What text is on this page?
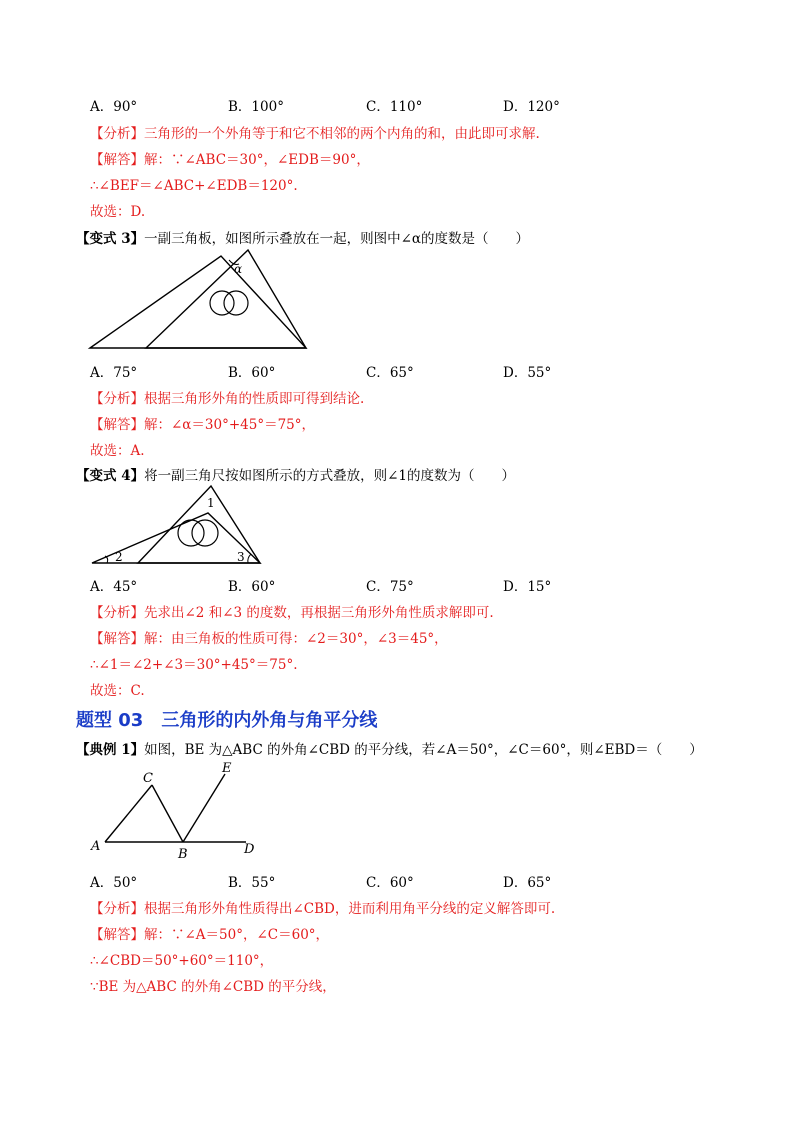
A．90°	B．100°	C．110°	D．120°
【分析】三角形的一个外角等于和它不相邻的两个内角的和，由此即可求解.
【解答】解：∵∠ABC＝30°，∠EDB＝90°，
∴∠BEF＝∠ABC+∠EDB＝120°.
故选：D.
【变式 3】一副三角板，如图所示叠放在一起，则图中∠α的度数是（　　）
α
A．75°	B．60°	C．65°	D．55°
【分析】根据三角形外角的性质即可得到结论.
【解答】解：∠α＝30°+45°＝75°，
故选：A.
【变式 4】将一副三角尺按如图所示的方式叠放，则∠1的度数为（　　）
1
2	3
A．45°	B．60°	C．75°	D．15°
【分析】先求出∠2 和∠3 的度数，再根据三角形外角性质求解即可.
【解答】解：由三角板的性质可得：∠2＝30°，∠3＝45°，
∴∠1＝∠2+∠3＝30°+45°＝75°.
故选：C.
题型 03　三角形的内外角与角平分线
【典例 1】如图，BE 为△ABC 的外角∠CBD 的平分线，若∠A＝50°，∠C＝60°，则∠EBD＝（　　）
C
E
A
B	D
A．50°	B．55°	C．60°	D．65°
【分析】根据三角形外角性质得出∠CBD，进而利用角平分线的定义解答即可.
【解答】解：∵∠A＝50°，∠C＝60°，
∴∠CBD＝50°+60°＝110°，
∵BE 为△ABC 的外角∠CBD 的平分线，
